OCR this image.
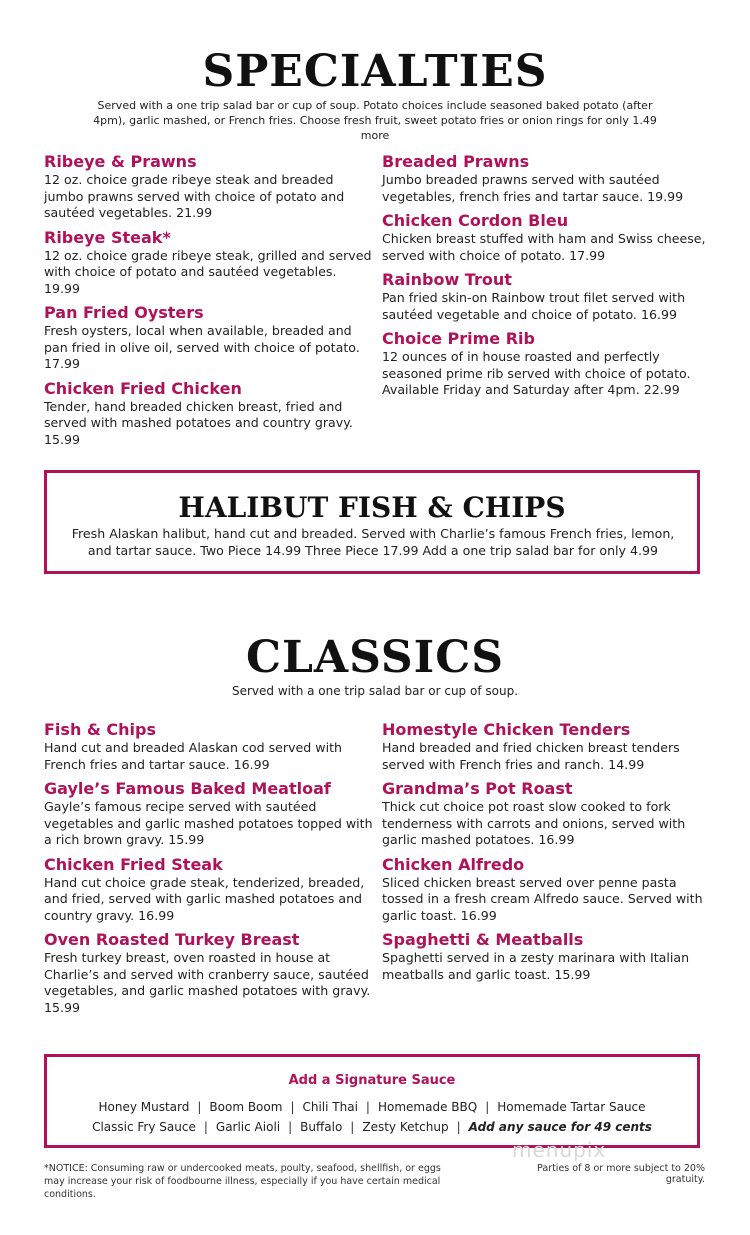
SPECIALTIES
Served with a one trip salad bar or cup of soup. Potato choices include seasoned baked potato (after 4pm), garlic mashed, or French fries. Choose fresh fruit, sweet potato fries or onion rings for only 1.49 more
Ribeye & Prawns
12 oz. choice grade ribeye steak and breaded jumbo prawns served with choice of potato and sautéed vegetables. 21.99
Ribeye Steak*
12 oz. choice grade ribeye steak, grilled and served with choice of potato and sautéed vegetables. 19.99
Pan Fried Oysters
Fresh oysters, local when available, breaded and pan fried in olive oil, served with choice of potato. 17.99
Chicken Fried Chicken
Tender, hand breaded chicken breast, fried and served with mashed potatoes and country gravy. 15.99
Breaded Prawns
Jumbo breaded prawns served with sautéed vegetables, french fries and tartar sauce. 19.99
Chicken Cordon Bleu
Chicken breast stuffed with ham and Swiss cheese, served with choice of potato. 17.99
Rainbow Trout
Pan fried skin-on Rainbow trout filet served with sautéed vegetable and choice of potato. 16.99
Choice Prime Rib
12 ounces of in house roasted and perfectly seasoned prime rib served with choice of potato. Available Friday and Saturday after 4pm. 22.99
HALIBUT FISH & CHIPS
Fresh Alaskan halibut, hand cut and breaded. Served with Charlie’s famous French fries, lemon, and tartar sauce. Two Piece 14.99 Three Piece 17.99 Add a one trip salad bar for only 4.99
CLASSICS
Served with a one trip salad bar or cup of soup.
Fish & Chips
Hand cut and breaded Alaskan cod served with French fries and tartar sauce. 16.99
Gayle’s Famous Baked Meatloaf
Gayle’s famous recipe served with sautéed vegetables and garlic mashed potatoes topped with a rich brown gravy. 15.99
Chicken Fried Steak
Hand cut choice grade steak, tenderized, breaded, and fried, served with garlic mashed potatoes and country gravy. 16.99
Oven Roasted Turkey Breast
Fresh turkey breast, oven roasted in house at Charlie’s and served with cranberry sauce, sautéed vegetables, and garlic mashed potatoes with gravy. 15.99
Homestyle Chicken Tenders
Hand breaded and fried chicken breast tenders served with French fries and ranch. 14.99
Grandma’s Pot Roast
Thick cut choice pot roast slow cooked to fork tenderness with carrots and onions, served with garlic mashed potatoes. 16.99
Chicken Alfredo
Sliced chicken breast served over penne pasta tossed in a fresh cream Alfredo sauce. Served with garlic toast. 16.99
Spaghetti & Meatballs
Spaghetti served in a zesty marinara with Italian meatballs and garlic toast. 15.99
Add a Signature Sauce
Honey Mustard | Boom Boom | Chili Thai | Homemade BBQ | Homemade Tartar Sauce
Classic Fry Sauce | Garlic Aioli | Buffalo | Zesty Ketchup | Add any sauce for 49 cents
menupix
*NOTICE: Consuming raw or undercooked meats, poulty, seafood, shellfish, or eggs may increase your risk of foodbourne illness, especially if you have certain medical conditions.
Parties of 8 or more subject to 20% gratuity.
